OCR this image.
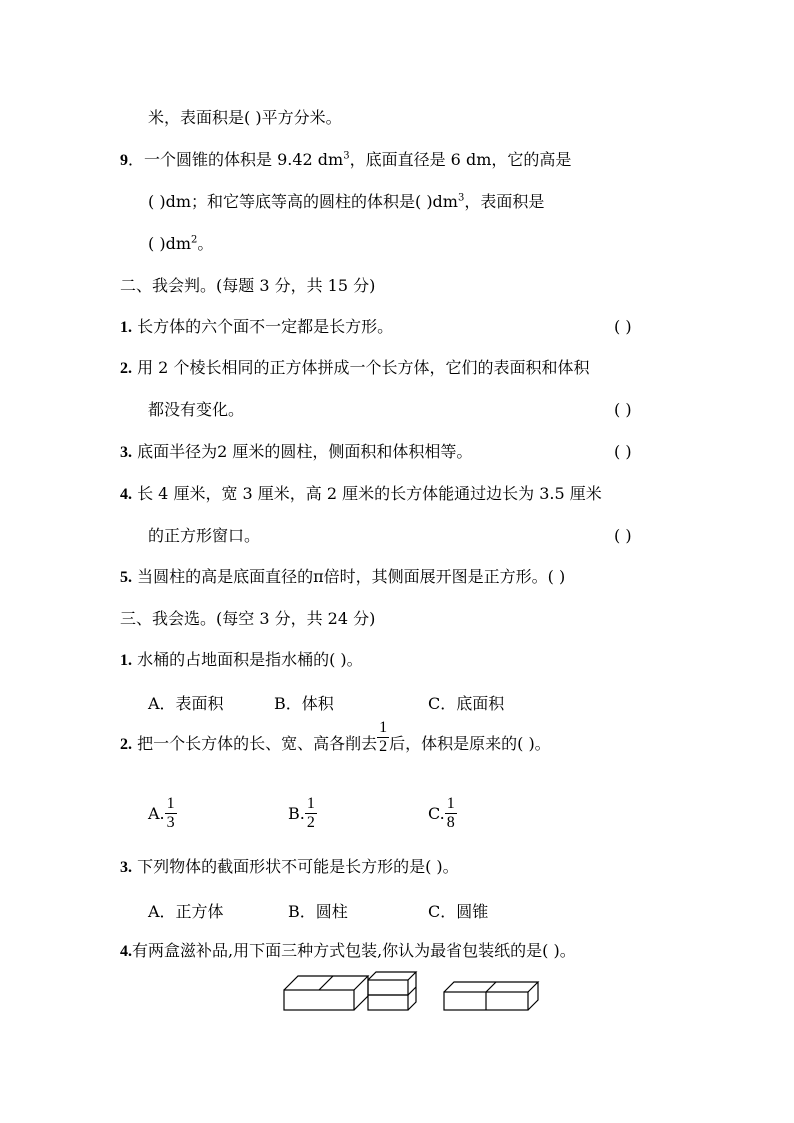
米，表面积是( )平方分米。
9．一个圆锥的体积是 9.42 $dm^3$，底面直径是 6 dm，它的高是
( )dm；和它等底等高的圆柱的体积是( )$dm^3$，表面积是
( )$dm^2$。
二、我会判。(每题 3 分，共 15 分)
1. 长方体的六个面不一定都是长方形。	( )
2. 用 2 个棱长相同的正方体拼成一个长方体，它们的表面积和体积
都没有变化。	( )
3. 底面半径为2 厘米的圆柱，侧面积和体积相等。	( )
4. 长 4 厘米，宽 3 厘米，高 2 厘米的长方体能通过边长为 3.5 厘米
的正方形窗口。	( )
5. 当圆柱的高是底面直径的π倍时，其侧面展开图是正方形。( )
三、我会选。(每空 3 分，共 24 分)
1. 水桶的占地面积是指水桶的( )。
A．表面积	B．体积	C．底面积
2. 把一个长方体的长、宽、高各削去 $\frac{1}{2}$ 后，体积是原来的( )。
A. $\frac{1}{3}$	B. $\frac{1}{2}$	C. $\frac{1}{8}$
3. 下列物体的截面形状不可能是长方形的是( )。
A．正方体	B．圆柱	C．圆锥
4.有两盒滋补品,用下面三种方式包装,你认为最省包装纸的是( )。
